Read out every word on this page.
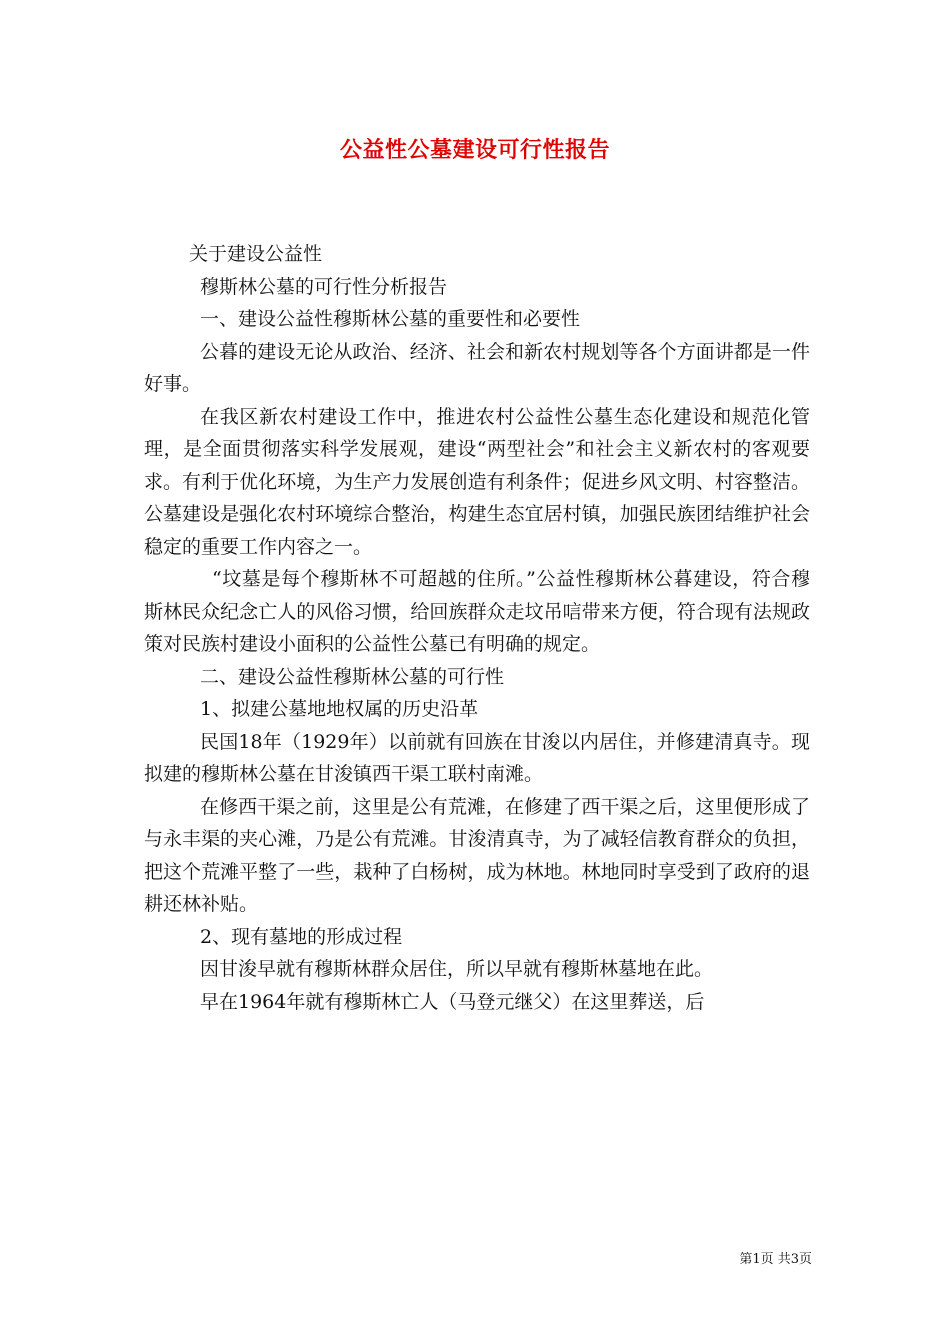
公益性公墓建设可行性报告

关于建设公益性

穆斯林公墓的可行性分析报告

一、建设公益性穆斯林公墓的重要性和必要性

公暮的建设无论从政治、经济、社会和新农村规划等各个方面讲都是一件好事。

在我区新农村建设工作中，推进农村公益性公墓生态化建设和规范化管理，是全面贯彻落实科学发展观，建设“两型社会”和社会主义新农村的客观要求。有利于优化环境，为生产力发展创造有利条件；促进乡风文明、村容整洁。公墓建设是强化农村环境综合整治，构建生态宜居村镇，加强民族团结维护社会稳定的重要工作内容之一。

“坟墓是每个穆斯林不可超越的住所。”公益性穆斯林公暮建设，符合穆斯林民众纪念亡人的风俗习惯，给回族群众走坟吊唁带来方便，符合现有法规政策对民族村建设小面积的公益性公墓已有明确的规定。

二、建设公益性穆斯林公墓的可行性

1、拟建公墓地地权属的历史沿革

民国18年（1929年）以前就有回族在甘浚以内居住，并修建清真寺。现拟建的穆斯林公墓在甘浚镇西干渠工联村南滩。

在修西干渠之前，这里是公有荒滩，在修建了西干渠之后，这里便形成了与永丰渠的夹心滩，乃是公有荒滩。甘浚清真寺，为了减轻信教育群众的负担，把这个荒滩平整了一些，栽种了白杨树，成为林地。林地同时享受到了政府的退耕还林补贴。

2、现有墓地的形成过程

因甘浚早就有穆斯林群众居住，所以早就有穆斯林墓地在此。

早在1964年就有穆斯林亡人（马登元继父）在这里葬送，后

第1页 共3页
